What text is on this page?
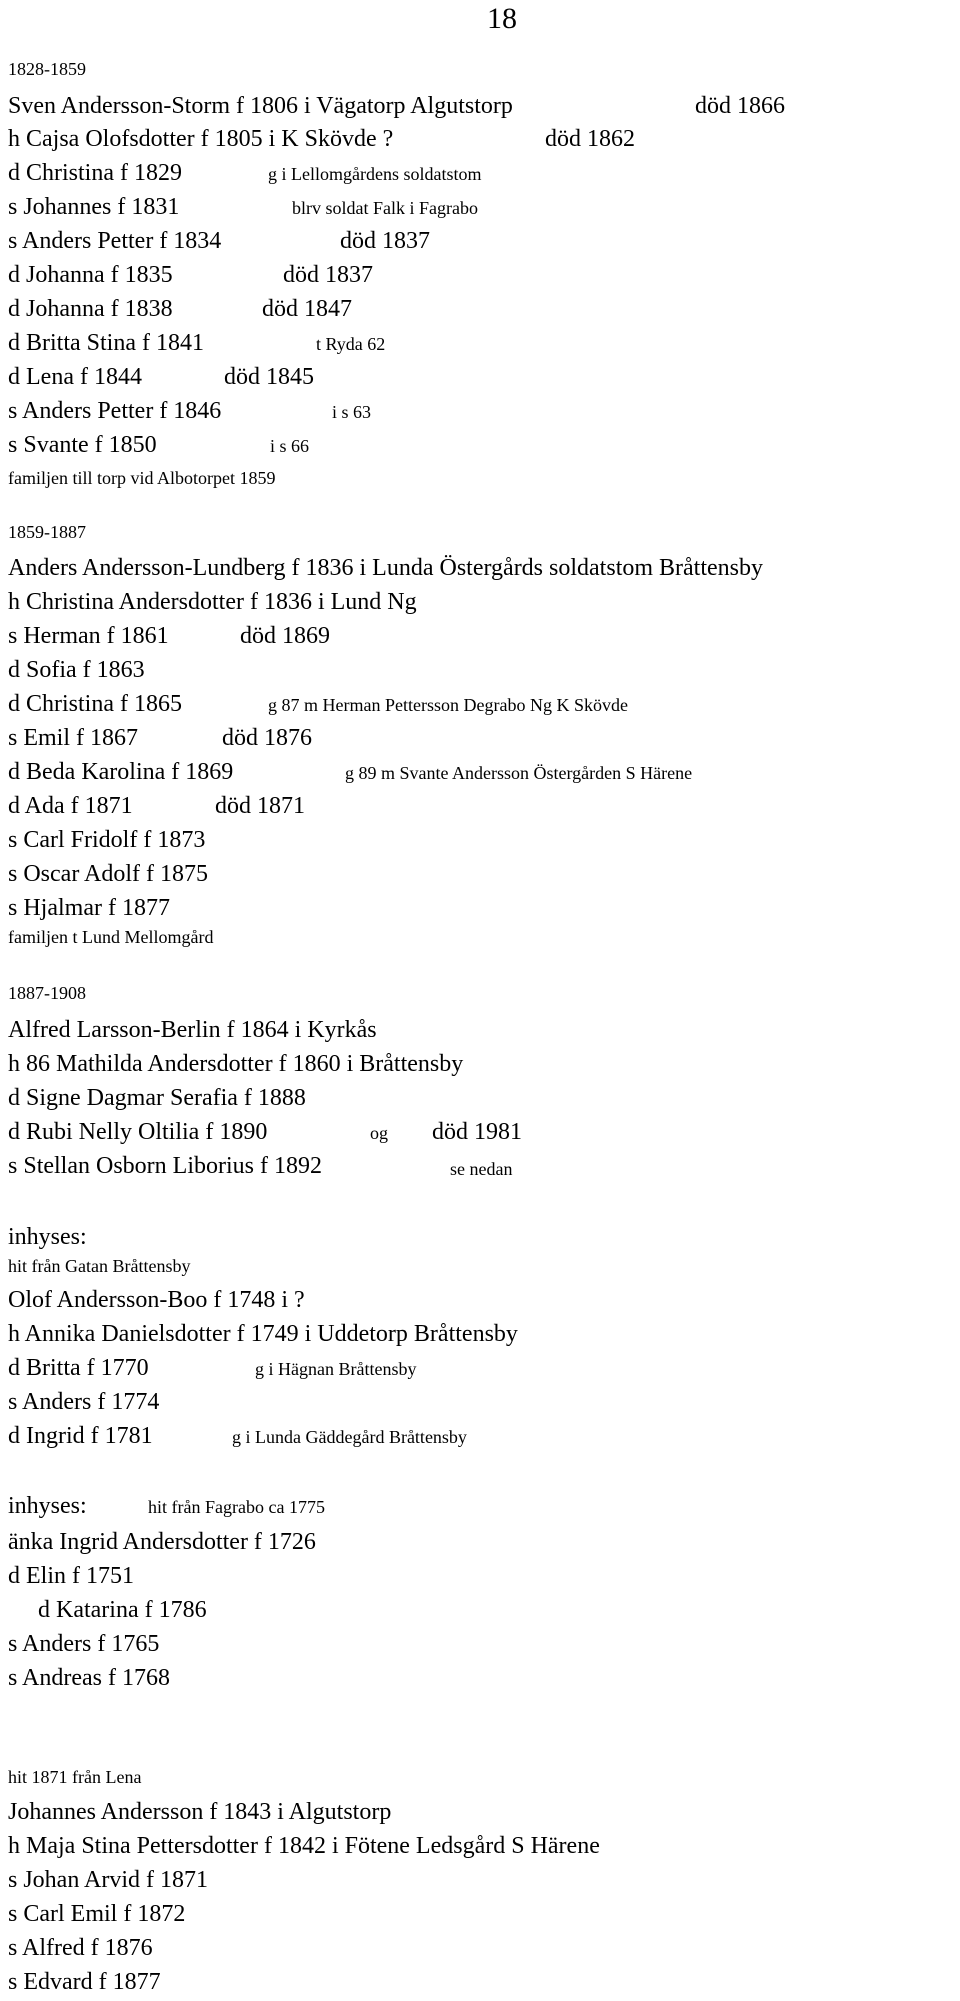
18
1828-1859
Sven Andersson-Storm f 1806 i Vägatorp Algutstorp	död 1866
h Cajsa Olofsdotter f 1805 i K Skövde ?	död 1862
d Christina f 1829	g i Lellomgårdens soldatstom
s Johannes f 1831	blrv soldat Falk i Fagrabo
s Anders Petter f 1834	död 1837
d Johanna f 1835	död 1837
d Johanna f 1838	död 1847
d Britta Stina f 1841	t Ryda 62
d Lena f 1844	död 1845
s Anders Petter f 1846	i s 63
s Svante f 1850	i s 66
familjen till torp vid Albotorpet 1859
1859-1887
Anders Andersson-Lundberg f 1836 i Lunda Östergårds soldatstom Bråttensby
h Christina Andersdotter f 1836 i Lund Ng
s Herman f 1861	död 1869
d Sofia f 1863
d Christina f 1865	g 87 m Herman Pettersson Degrabo Ng K Skövde
s Emil f 1867	död 1876
d Beda Karolina f 1869	g 89 m Svante Andersson Östergården S Härene
d Ada f 1871	död 1871
s Carl Fridolf f 1873
s Oscar Adolf f 1875
s Hjalmar f 1877
familjen t Lund Mellomgård
1887-1908
Alfred Larsson-Berlin f 1864 i Kyrkås
h 86 Mathilda Andersdotter f 1860 i Bråttensby
d Signe Dagmar Serafia f 1888
d Rubi Nelly Oltilia f 1890	og död 1981
s Stellan Osborn Liborius f 1892	se nedan
inhyses:
hit från Gatan Bråttensby
Olof Andersson-Boo f 1748 i ?
h Annika Danielsdotter f 1749 i Uddetorp Bråttensby
d Britta f 1770	g i Hägnan Bråttensby
s Anders f 1774
d Ingrid f 1781	g i Lunda Gäddegård Bråttensby
inhyses:	hit från Fagrabo ca 1775
änka Ingrid Andersdotter f 1726
d Elin f 1751
d Katarina f 1786
s Anders f 1765
s Andreas f 1768
hit 1871 från Lena
Johannes Andersson f 1843 i Algutstorp
h Maja Stina Pettersdotter f 1842 i Fötene Ledsgård S Härene
s Johan Arvid f 1871
s Carl Emil f 1872
s Alfred f 1876
s Edvard f 1877
